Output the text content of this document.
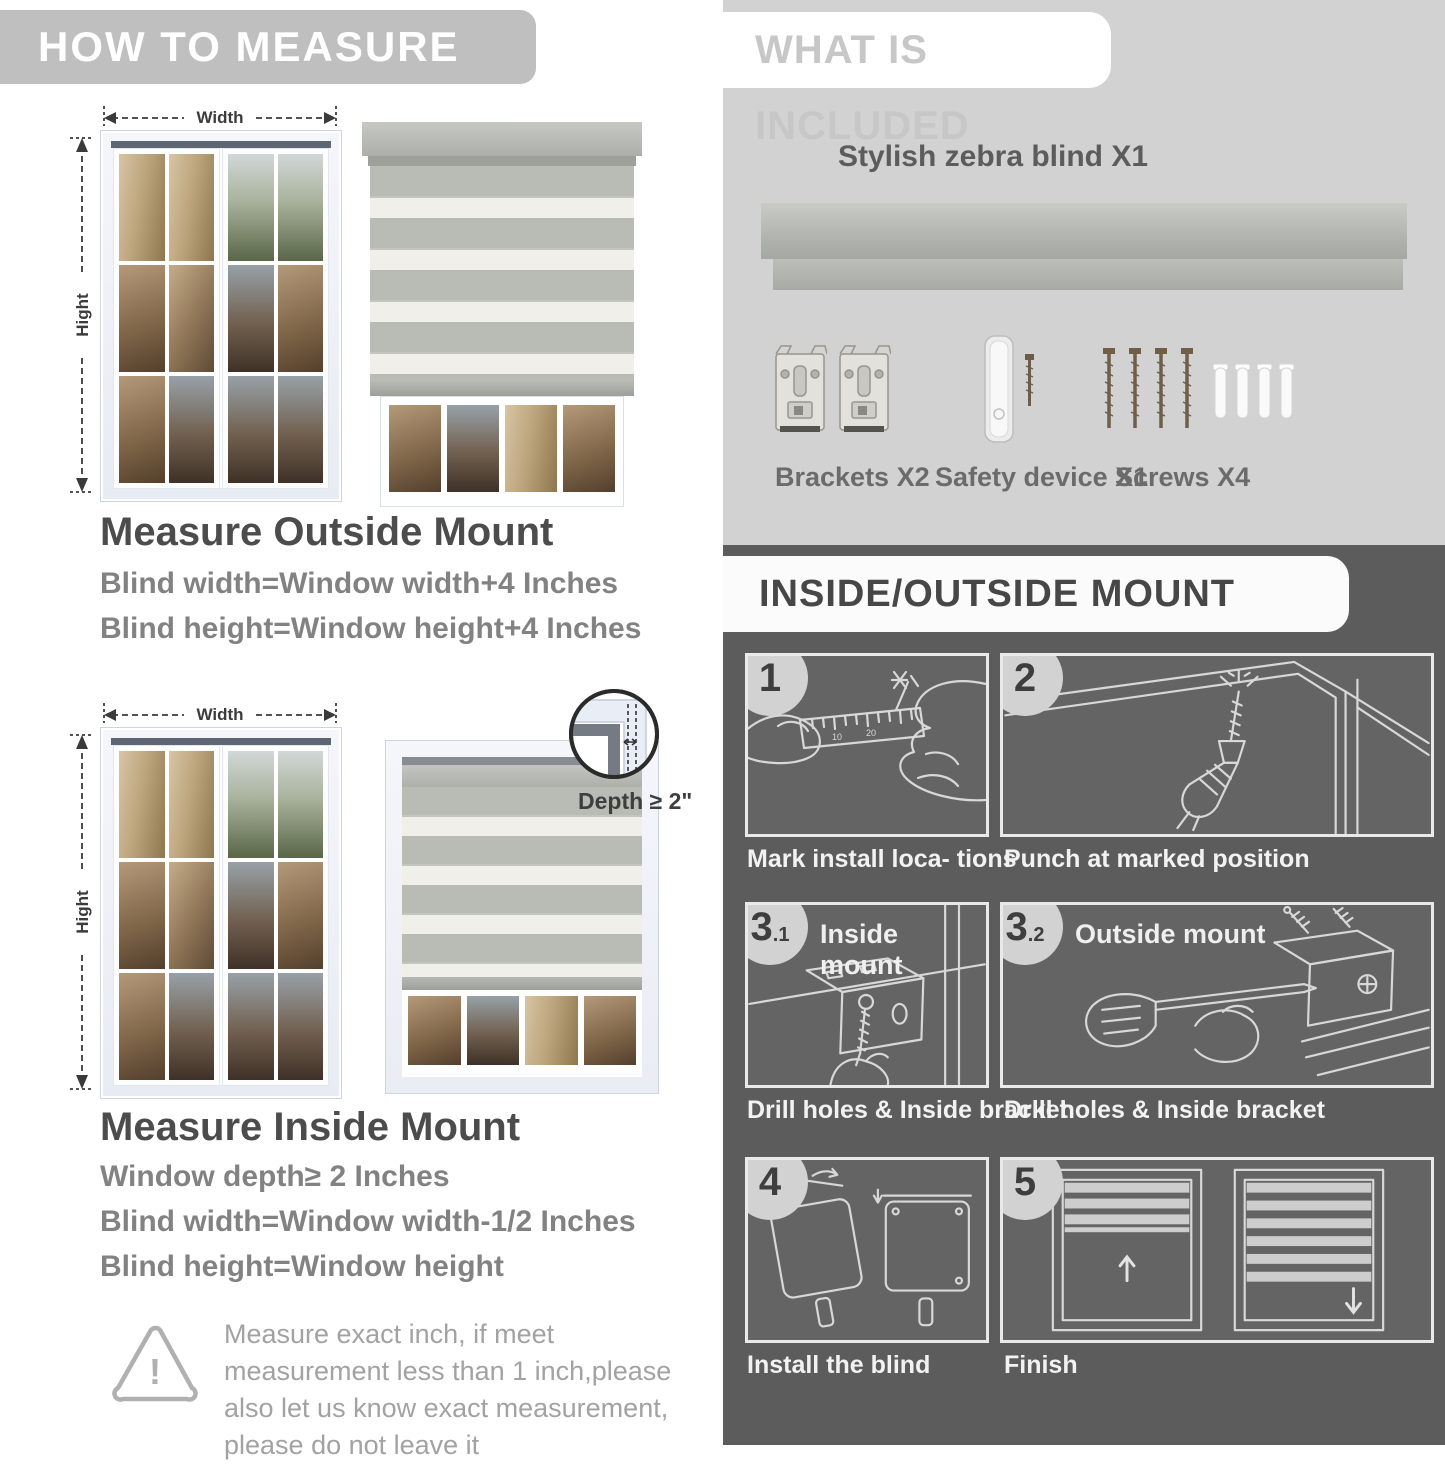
HOW TO MEASURE
Width
Hight
Measure Outside Mount
Blind width=Window width+4 Inches
Blind height=Window height+4 Inches
Width
Hight
Depth ≥ 2"
Measure Inside Mount
Window depth≥ 2 Inches
Blind width=Window width-1/2 Inches
Blind height=Window height
!
Measure exact inch, if meet measurement less than 1 inch,please also let us know exact measurement, please do not leave it
WHAT IS INCLUDED
Stylish zebra blind X1
Brackets X2 Safety device X1
Screws X4
INSIDE/OUTSIDE MOUNT
10	20
1	2
Mark install loca- tions
Punch at marked position
3 .1 Inside mount
3 .2 Outside mount
Drill holes & Inside bracket
Drill holes & Inside bracket
4	5
Install the blind	Finish
